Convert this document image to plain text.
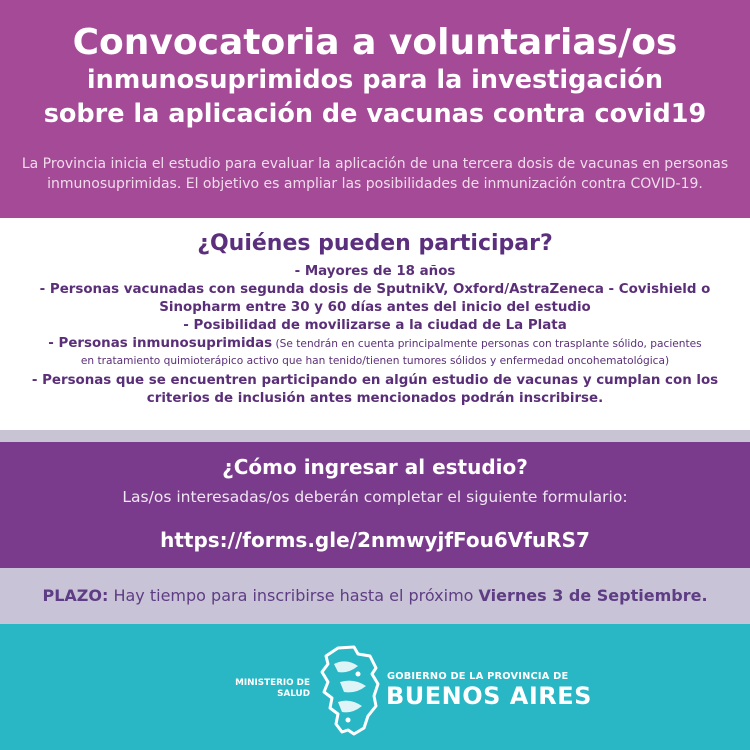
Convocatoria a voluntarias/os
inmunosuprimidos para la investigación
sobre la aplicación de vacunas contra covid19
La Provincia inicia el estudio para evaluar la aplicación de una tercera dosis de vacunas en personas inmunosuprimidas. El objetivo es ampliar las posibilidades de inmunización contra COVID-19.
¿Quiénes pueden participar?
- Mayores de 18 años
- Personas vacunadas con segunda dosis de SputnikV, Oxford/AstraZeneca - Covishield o
Sinopharm entre 30 y 60 días antes del inicio del estudio
- Posibilidad de movilizarse a la ciudad de La Plata
- Personas inmunosuprimidas (Se tendrán en cuenta principalmente personas con trasplante sólido, pacientes
en tratamiento quimioterápico activo que han tenido/tienen tumores sólidos y enfermedad oncohematológica)
- Personas que se encuentren participando en algún estudio de vacunas y cumplan con los
criterios de inclusión antes mencionados podrán inscribirse.
¿Cómo ingresar al estudio?
Las/os interesadas/os deberán completar el siguiente formulario:
https://forms.gle/2nmwyjfFou6VfuRS7
PLAZO: Hay tiempo para inscribirse hasta el próximo Viernes 3 de Septiembre.
MINISTERIO DE
SALUD
GOBIERNO DE LA PROVINCIA DE
BUENOS AIRES
